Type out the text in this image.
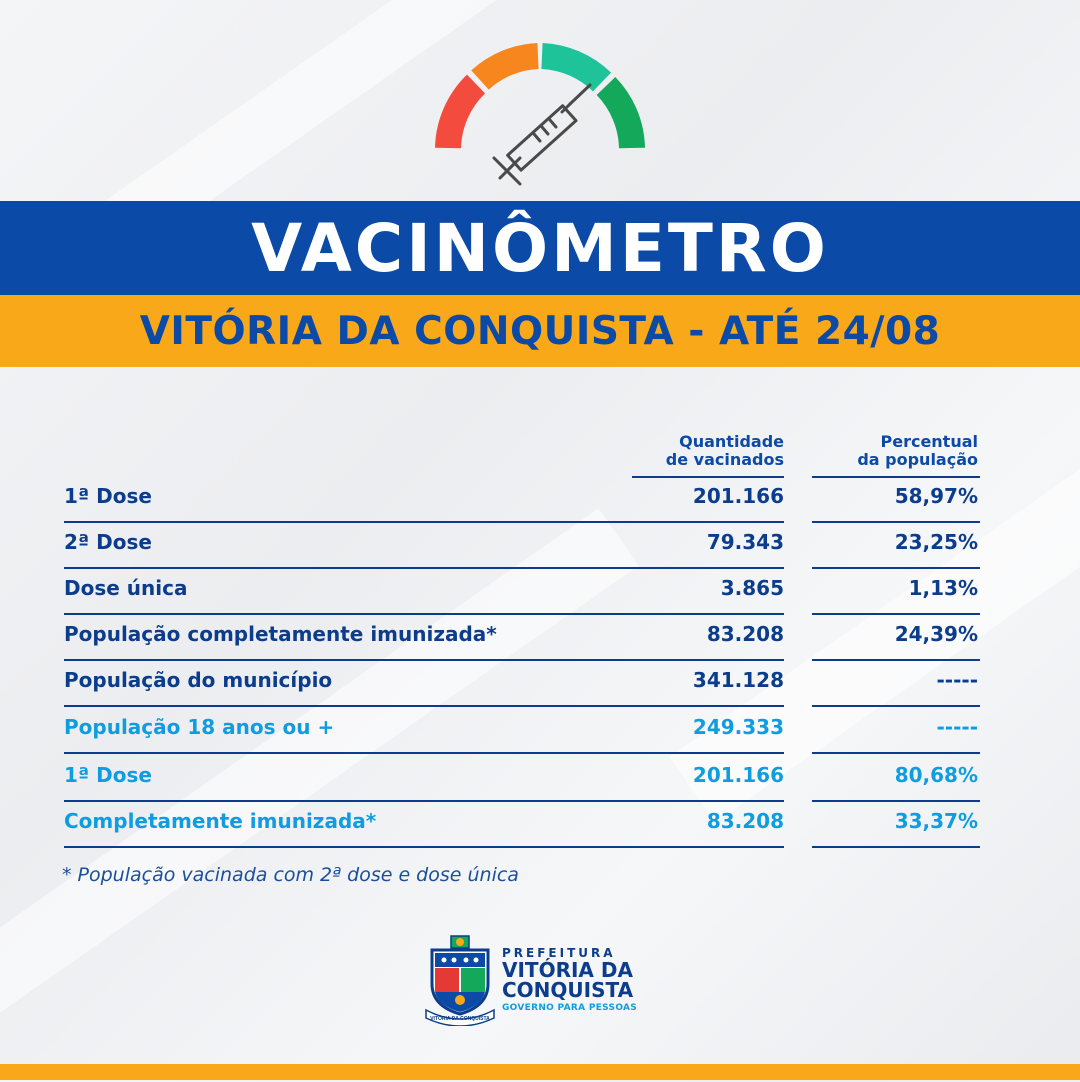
VACINÔMETRO
VITÓRIA DA CONQUISTA - ATÉ 24/08
Quantidade
de vacinados
Percentual
da população
1ª Dose	201.166	58,97%
2ª Dose	79.343	23,25%
Dose única	3.865	1,13%
População completamente imunizada*	83.208	24,39%
População do município	341.128	-----
População 18 anos ou +	249.333	-----
1ª Dose	201.166	80,68%
Completamente imunizada*	83.208	33,37%
* População vacinada com 2ª dose e dose única
VITÓRIA DA CONQUISTA
PREFEITURA
VITÓRIA DA
CONQUISTA
GOVERNO PARA PESSOAS
